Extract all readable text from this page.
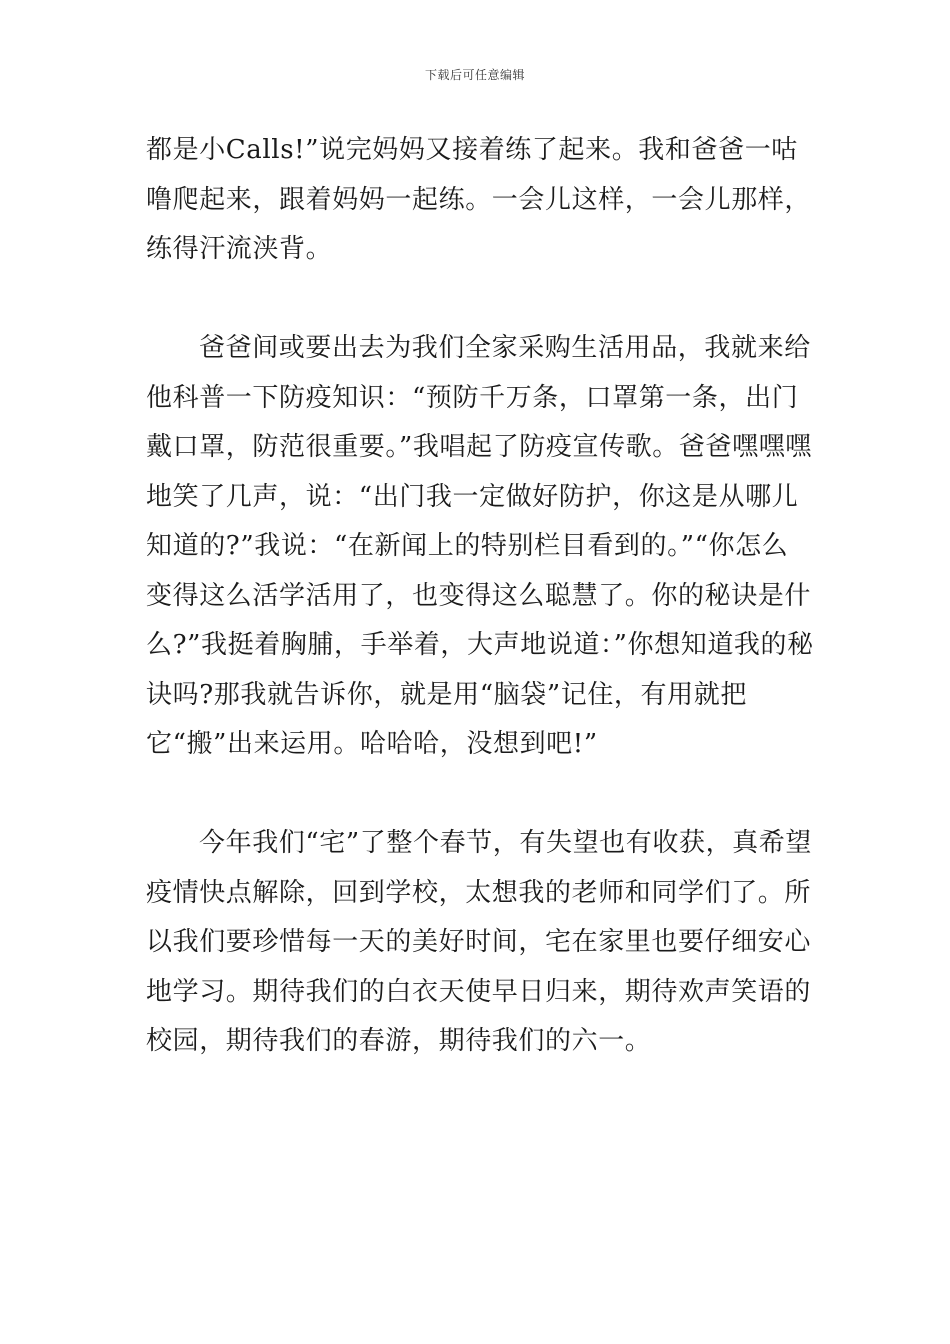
下载后可任意编辑

都是小Calls!”说完妈妈又接着练了起来。我和爸爸一咕噜爬起来，跟着妈妈一起练。一会儿这样，一会儿那样，练得汗流浃背。

爸爸间或要出去为我们全家采购生活用品，我就来给他科普一下防疫知识：“预防千万条，口罩第一条，出门戴口罩，防范很重要。”我唱起了防疫宣传歌。爸爸嘿嘿嘿地笑了几声，说：“出门我一定做好防护，你这是从哪儿知道的?”我说：“在新闻上的特别栏目看到的。”“你怎么变得这么活学活用了，也变得这么聪慧了。你的秘诀是什么?”我挺着胸脯，手举着，大声地说道：”你想知道我的秘诀吗?那我就告诉你，就是用“脑袋”记住，有用就把它“搬”出来运用。哈哈哈，没想到吧!”

今年我们“宅”了整个春节，有失望也有收获，真希望疫情快点解除，回到学校，太想我的老师和同学们了。所以我们要珍惜每一天的美好时间，宅在家里也要仔细安心地学习。期待我们的白衣天使早日归来，期待欢声笑语的校园，期待我们的春游，期待我们的六一。
